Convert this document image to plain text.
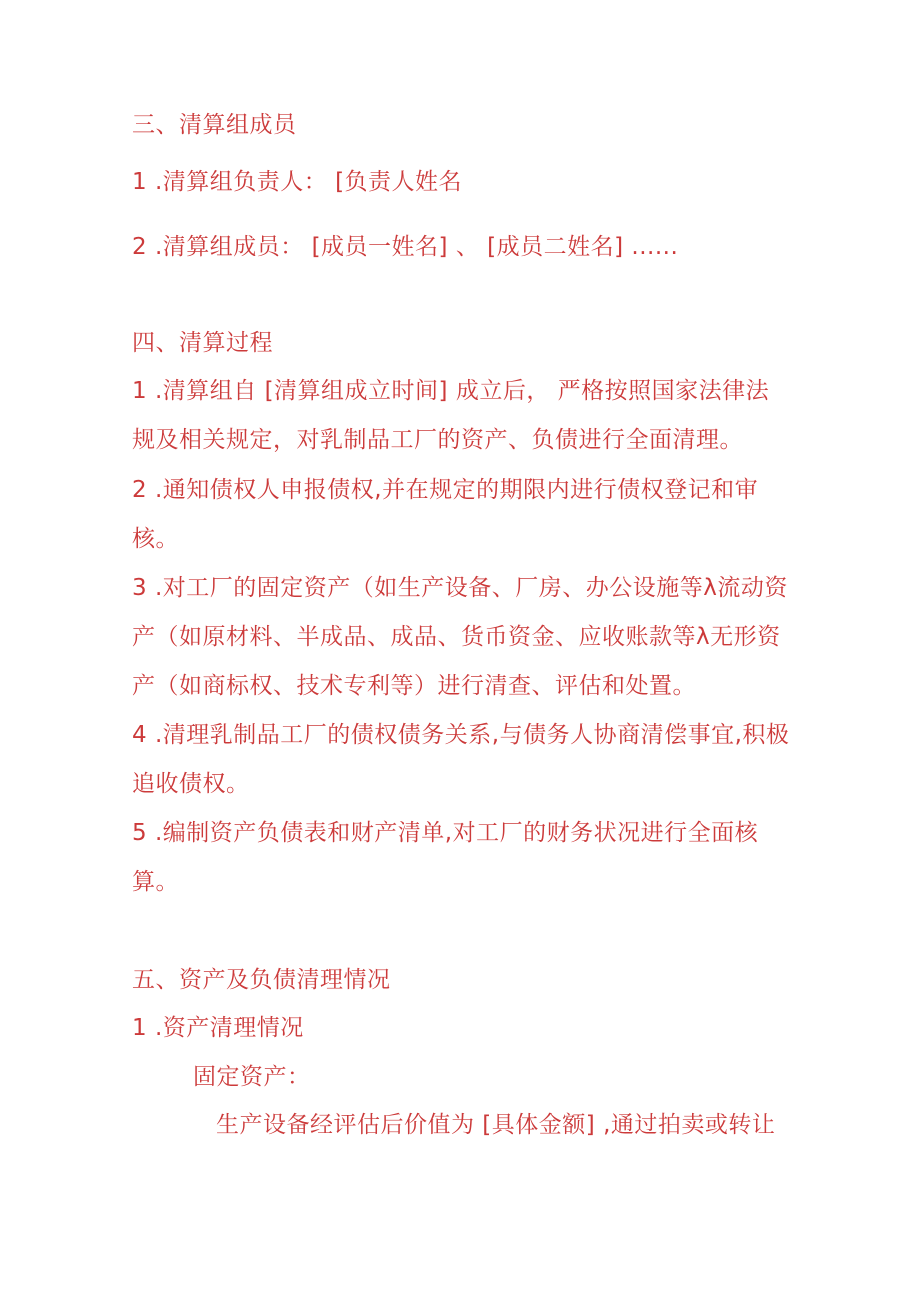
三、清算组成员
1 .清算组负责人： [负责人姓名
2 .清算组成员： [成员一姓名] 、 [成员二姓名] ......
四、清算过程
1 .清算组自 [清算组成立时间] 成立后， 严格按照国家法律法
规及相关规定，对乳制品工厂的资产、负债进行全面清理。
2 .通知债权人申报债权,并在规定的期限内进行债权登记和审
核。
3 .对工厂的固定资产（如生产设备、厂房、办公设施等λ流动资
产（如原材料、半成品、成品、货币资金、应收账款等λ无形资
产（如商标权、技术专利等）进行清查、评估和处置。
4 .清理乳制品工厂的债权债务关系,与债务人协商清偿事宜,积极
追收债权。
5 .编制资产负债表和财产清单,对工厂的财务状况进行全面核
算。
五、资产及负债清理情况
1 .资产清理情况
固定资产：
生产设备经评估后价值为 [具体金额] ,通过拍卖或转让
